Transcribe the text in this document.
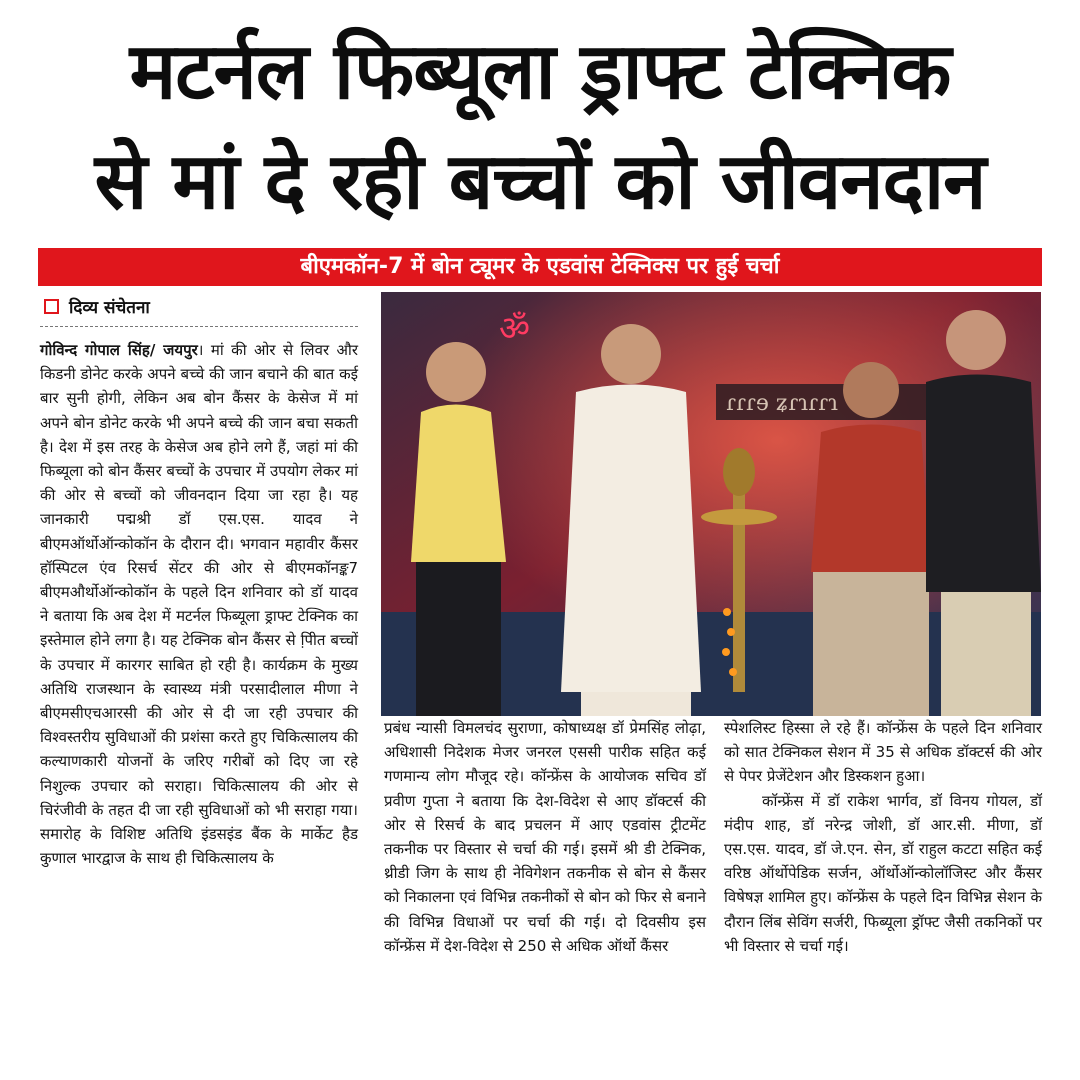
मटर्नल फिब्यूला ड्राफ्ट टेक्निक
से मां दे रही बच्चों को जीवनदान
बीएमकॉन-7 में बोन ट्यूमर के एडवांस टेक्निक्स पर हुई चर्चा
दिव्य संचेतना

गोविन्द गोपाल सिंह/ जयपुर। मां की ओर से लिवर और किडनी डोनेट करके अपने बच्चे की जान बचाने की बात कई बार सुनी होगी, लेकिन अब बोन कैंसर के केसेज में मां अपने बोन डोनेट करके भी अपने बच्चे की जान बचा सकती है। देश में इस तरह के केसेज अब होने लगे हैं, जहां मां की फिब्यूला को बोन कैंसर बच्चों के उपचार में उपयोग लेकर मां की ओर से बच्चों को जीवनदान दिया जा रहा है। यह जानकारी पद्मश्री डॉ एस.एस. यादव ने बीएमऑर्थोऑन्कोकॉन के दौरान दी। भगवान महावीर कैंसर हॉस्पिटल एंव रिसर्च सेंटर की ओर से बीएमकॉनङ्क7 बीएमऔर्थोऑन्कोकॉन के पहले दिन शनिवार को डॉ यादव ने बताया कि अब देश में मटर्नल फिब्यूला ड्राफ्ट टेक्निक का इस्तेमाल होने लगा है। यह टेक्निक बोन कैंसर से पीि़त बच्चों के उपचार में कारगर साबित हो रही है। कार्यक्रम के मुख्य अतिथि राजस्थान के स्वास्थ्य मंत्री परसादीलाल मीणा ने बीएमसीएचआरसी की ओर से दी जा रही उपचार की विश्वस्तरीय सुविधाओं की प्रशंसा करते हुए चिकित्सालय की कल्याणकारी योजनों के जरिए गरीबों को दिए जा रहे निशुल्क उपचार को सराहा। चिकित्सालय की ओर से चिरंजीवी के तहत दी जा रही सुविधाओं को भी सराहा गया। समारोह के विशिष्ट अतिथि इंडसइंड बैंक के मार्केट हैड कुणाल भारद्वाज के साथ ही चिकित्सालय के

ॐ
ɾɾɾɘ ʑɾɿɾɾɿ

प्रबंध न्यासी विमलचंद सुराणा, कोषाध्यक्ष डॉ प्रेमसिंह लोढ़ा, अधिशासी निदेशक मेजर जनरल एससी पारीक सहित कई गणमान्य लोग मौजूद रहे। कॉन्फ्रेंस के आयोजक सचिव डॉ प्रवीण गुप्ता ने बताया कि देश-विदेश से आए डॉक्टर्स की ओर से रिसर्च के बाद प्रचलन में आए एडवांस ट्रीटमेंट तकनीक पर विस्तार से चर्चा की गई। इसमें श्री डी टेक्निक, थ्रीडी जिग के साथ ही नेविगेशन तकनीक से बोन से कैंसर को निकालना एवं विभिन्न तकनीकों से बोन को फिर से बनाने की विभिन्न विधाओं पर चर्चा की गई। दो दिवसीय इस कॉन्फ्रेंस में देश-विदेश से 250 से अधिक ऑर्थो कैंसर

स्पेशलिस्ट हिस्सा ले रहे हैं। कॉन्फ्रेंस के पहले दिन शनिवार को सात टेक्निकल सेशन में 35 से अधिक डॉक्टर्स की ओर से पेपर प्रेजेंटेशन और डिस्कशन हुआ।

कॉन्फ्रेंस में डॉ राकेश भार्गव, डॉ विनय गोयल, डॉ मंदीप शाह, डॉ नरेन्द्र जोशी, डॉ आर.सी. मीणा, डॉ एस.एस. यादव, डॉ जे.एन. सेन, डॉ राहुल कटटा सहित कई वरिष्ठ ऑर्थोपेडिक सर्जन, ऑर्थोऑन्कोलॉजिस्ट और कैंसर विषेषज्ञ शामिल हुए। कॉन्फ्रेंस के पहले दिन विभिन्न सेशन के दौरान लिंब सेविंग सर्जरी, फिब्यूला ड्रॉफ्ट जैसी तकनिकों पर भी विस्तार से चर्चा गई।
